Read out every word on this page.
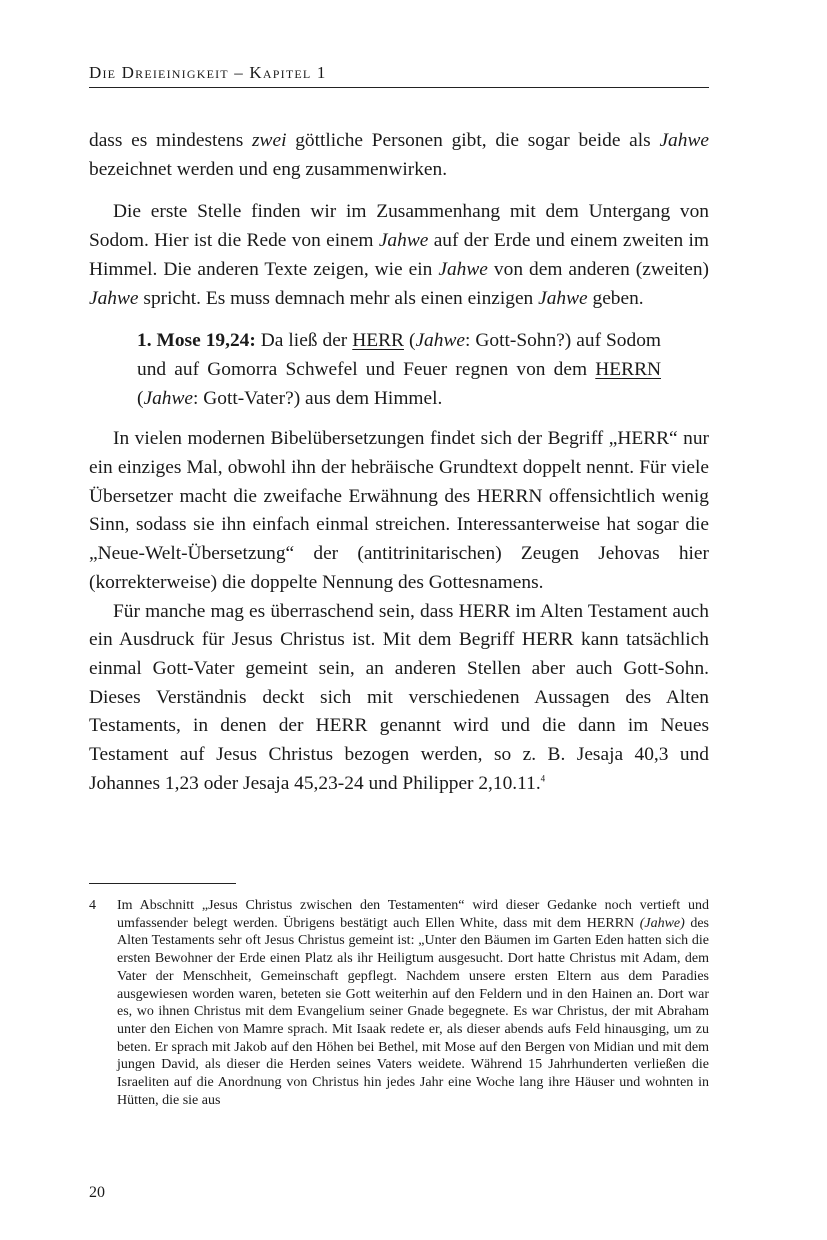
Die Dreieinigkeit – Kapitel 1

dass es mindestens zwei göttliche Personen gibt, die sogar beide als Jahwe bezeichnet werden und eng zusammenwirken.

Die erste Stelle finden wir im Zusammenhang mit dem Untergang von Sodom. Hier ist die Rede von einem Jahwe auf der Erde und einem zweiten im Himmel. Die anderen Texte zeigen, wie ein Jahwe von dem anderen (zweiten) Jahwe spricht. Es muss demnach mehr als einen einzigen Jahwe geben.

1. Mose 19,24: Da ließ der HERR (Jahwe: Gott-Sohn?) auf Sodom und auf Gomorra Schwefel und Feuer regnen von dem HERRN (Jahwe: Gott-Vater?) aus dem Himmel.

In vielen modernen Bibelübersetzungen findet sich der Begriff „HERR“ nur ein einziges Mal, obwohl ihn der hebräische Grundtext doppelt nennt. Für viele Übersetzer macht die zweifache Erwähnung des HERRN offensichtlich wenig Sinn, sodass sie ihn einfach einmal streichen. Interessanterweise hat sogar die „Neue-Welt-Übersetzung“ der (antitrinitarischen) Zeugen Jehovas hier (korrekterweise) die doppelte Nennung des Gottesnamens.

Für manche mag es überraschend sein, dass HERR im Alten Testament auch ein Ausdruck für Jesus Christus ist. Mit dem Begriff HERR kann tatsächlich einmal Gott-Vater gemeint sein, an anderen Stellen aber auch Gott-Sohn. Dieses Verständnis deckt sich mit verschiedenen Aussagen des Alten Testaments, in denen der HERR genannt wird und die dann im Neues Testament auf Jesus Christus bezogen werden, so z. B. Jesaja 40,3 und Johannes 1,23 oder Jesaja 45,23-24 und Philipper 2,10.11.$^4$

4 Im Abschnitt „Jesus Christus zwischen den Testamenten“ wird dieser Gedanke noch vertieft und umfassender belegt werden. Übrigens bestätigt auch Ellen White, dass mit dem HERRN (Jahwe) des Alten Testaments sehr oft Jesus Christus gemeint ist: „Unter den Bäumen im Garten Eden hatten sich die ersten Bewohner der Erde einen Platz als ihr Heiligtum ausgesucht. Dort hatte Christus mit Adam, dem Vater der Menschheit, Gemeinschaft gepflegt. Nachdem unsere ersten Eltern aus dem Paradies ausgewiesen worden waren, beteten sie Gott weiterhin auf den Feldern und in den Hainen an. Dort war es, wo ihnen Christus mit dem Evangelium seiner Gnade begegnete. Es war Christus, der mit Abraham unter den Eichen von Mamre sprach. Mit Isaak redete er, als dieser abends aufs Feld hinausging, um zu beten. Er sprach mit Jakob auf den Höhen bei Bethel, mit Mose auf den Bergen von Midian und mit dem jungen David, als dieser die Herden seines Vaters weidete. Während 15 Jahrhunderten verließen die Israeliten auf die Anordnung von Christus hin jedes Jahr eine Woche lang ihre Häuser und wohnten in Hütten, die sie aus
20
